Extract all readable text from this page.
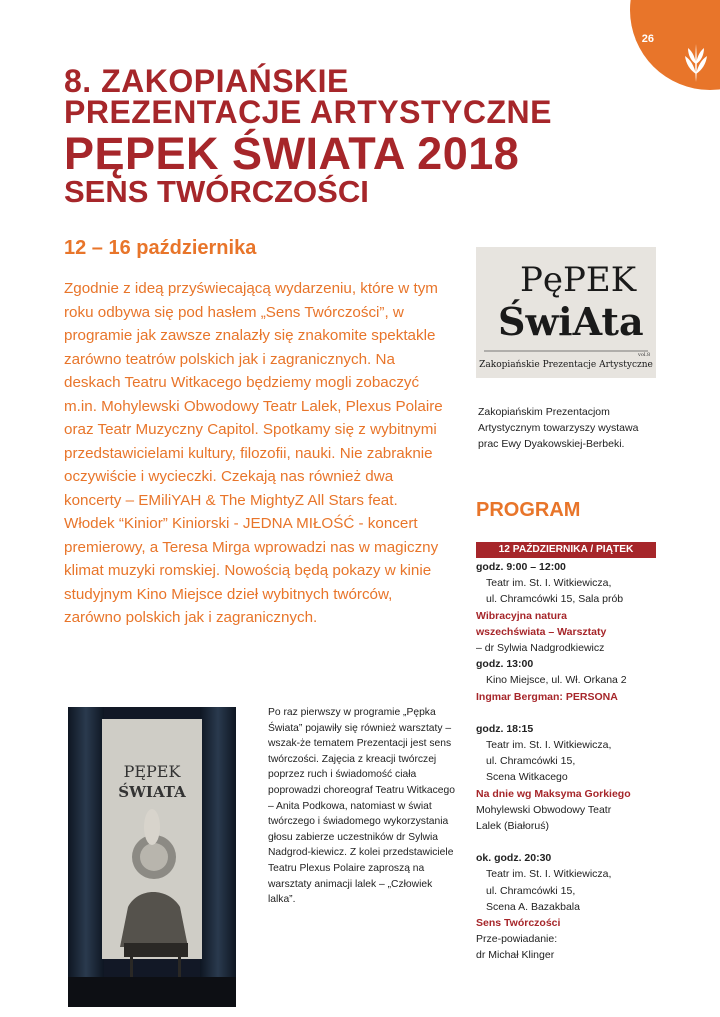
26
8. ZAKOPIAŃSKIE
PREZENTACJE ARTYSTYCZNE
PĘPEK ŚWIATA 2018
SENS TWÓRCZOŚCI
12 – 16 października
Zgodnie z ideą przyświecającą wydarzeniu, które w tym roku odbywa się pod hasłem „Sens Twórczości”, w programie jak zawsze znalazły się znakomite spektakle zarówno teatrów polskich jak i zagranicznych. Na deskach Teatru Witkacego będziemy mogli zobaczyć m.in. Mohylewski Obwodowy Teatr Lalek, Plexus Polaire oraz Teatr Muzyczny Capitol. Spotkamy się z wybitnymi przedstawicielami kultury, filozofii, nauki. Nie zabraknie oczywiście i wycieczki. Czekają nas również dwa koncerty – EMiliYAH & The MightyZ All Stars feat. Włodek “Kinior” Kiniorski - JEDNA MIŁOŚĆ - koncert premierowy, a Teresa Mirga wprowadzi nas w magiczny klimat muzyki romskiej. Nowością będą pokazy w kinie studyjnym Kino Miejsce dzieł wybitnych twórców, zarówno polskich jak i zagranicznych.
PęPEK
ŚwiAta
vol.8
Zakopiańskie Prezentacje Artystyczne
Zakopiańskim Prezentacjom Artystycznym towarzyszy wystawa prac Ewy Dyakowskiej-Berbeki.
PROGRAM
12 PAŹDZIERNIKA / PIĄTEK
godz. 9:00 – 12:00
Teatr im. St. I. Witkiewicza,
ul. Chramcówki 15, Sala prób
Wibracyjna natura
wszechświata – Warsztaty
– dr Sylwia Nadgrodkiewicz
godz. 13:00
Kino Miejsce, ul. Wł. Orkana 2
Ingmar Bergman: PERSONA
godz. 18:15
Teatr im. St. I. Witkiewicza,
ul. Chramcówki 15,
Scena Witkacego
Na dnie wg Maksyma Gorkiego
Mohylewski Obwodowy Teatr
Lalek (Białoruś)
ok. godz. 20:30
Teatr im. St. I. Witkiewicza,
ul. Chramcówki 15,
Scena A. Bazakbala
Sens Twórczości
Prze-powiadanie:
dr Michał Klinger
PĘPEK
ŚWIATA
Po raz pierwszy w programie „Pępka Świata” pojawiły się również warsztaty – wszak-że tematem Prezentacji jest sens twórczości. Zajęcia z kreacji twórczej poprzez ruch i świadomość ciała poprowadzi choreograf Teatru Witkacego – Anita Podkowa, natomiast w świat twórczego i świadomego wykorzystania głosu zabierze uczestników dr Sylwia Nadgrod-kiewicz. Z kolei przedstawiciele Teatru Plexus Polaire zaproszą na warsztaty animacji lalek – „Człowiek lalka”.
